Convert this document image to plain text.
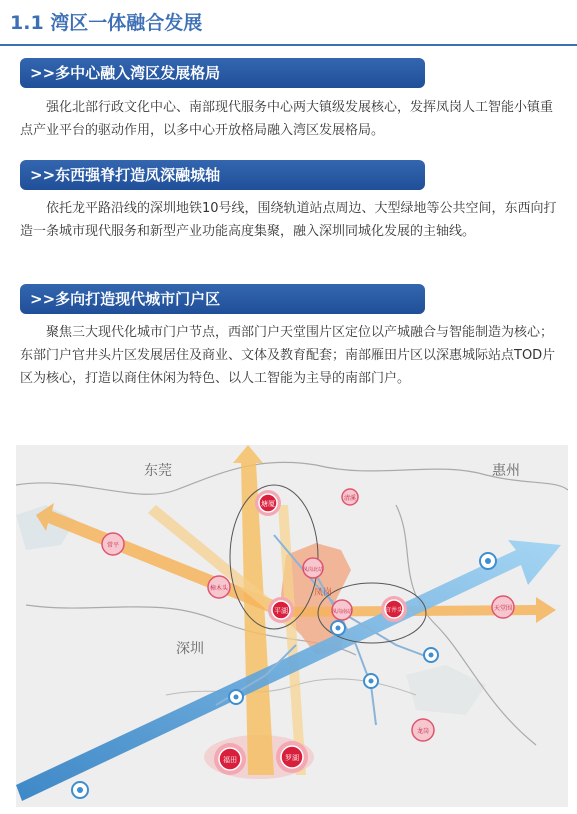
1.1 湾区一体融合发展
>>多中心融入湾区发展格局
强化北部行政文化中心、南部现代服务中心两大镇级发展核心，发挥凤岗人工智能小镇重点产业平台的驱动作用，以多中心开放格局融入湾区发展格局。
>>东西强脊打造凤深融城轴
依托龙平路沿线的深圳地铁10号线，围绕轨道站点周边、大型绿地等公共空间，东西向打造一条城市现代服务和新型产业功能高度集聚，融入深圳同城化发展的主轴线。
>>多向打造现代城市门户区
聚焦三大现代化城市门户节点，西部门户天堂围片区定位以产城融合与智能制造为核心；东部门户官井头片区发展居住及商业、文体及教育配套；南部雁田片区以深惠城际站点TOD片区为核心，打造以商住休闲为特色、以人工智能为主导的南部门户。
东莞	惠州
深圳
凤岗
塘厦
平湖	官井头
福田	罗湖
清溪
常平
樟木头
凤岗北站
凤岗南站	天堂围
龙岗
